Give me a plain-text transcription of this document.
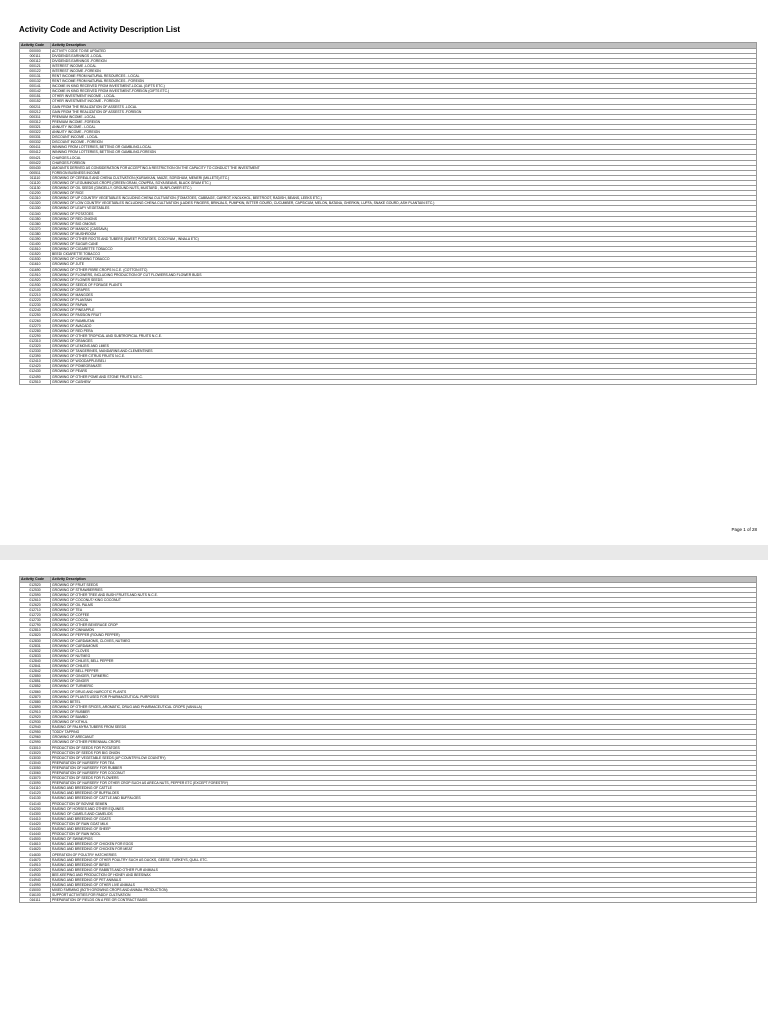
Activity Code and Activity Description List
Activity Code	Activity Description
000000	ACTIVITY CODE TO BE UPDATED
000111	DIVIDENDS EARNINGS -LOCAL
000112	DIVIDENDS EARNINGS -FOREIGN
000121	INTEREST INCOME -LOCAL
000122	INTEREST INCOME -FOREIGN
000131	RENT INCOME FROM NATURAL RESOURCES - LOCAL
000132	RENT INCOME FROM NATURAL RESOURCES - FOREIGN
000141	INCOME IN KIND RECEIVED FROM INVESTMENT-LOCAL (GIFTS ETC.)
000142	INCOME IN KIND RECEIVED FROM INVESTMENT-FOREIGN (GIFTS ETC.)
000151	OTHER INVESTMENT INCOME - LOCAL
000152	OTHER INVESTMENT INCOME - FOREIGN
000211	GAIN FROM THE REALIZATION OF ASSESTS -LOCAL
000212	GAIN FROM THE REALIZATION OF ASSESTS -FOREIGN
000311	PREMIUM INCOME -LOCAL
000312	PREMIUM INCOME -FOREIGN
000321	ANNUITY INCOME - LOCAL
000322	ANNUITY INCOME - FOREIGN
000331	DISCOUNT INCOME - LOCAL
000332	DISCOUNT INCOME - FOREIGN
000411	WINNING FROM LOTTERIES, BETTING OR GAMBLING-LOCAL
000412	WINNING FROM LOTTERIES, BETTING OR GAMBLING-FOREIGN
000421	CHARGES-LOCAL
000422	CHARGES-FOREIGN
000430	AMOUNTS DERIVED AS CONSIDERATION FOR ACCEPTING A RESTRICTION ON THE CAPACITY TO CONDUCT THE INVESTMENT
000511	FOREIGN BUSINESS INCOME
011110	GROWING OF CEREALS AND CHENA CULTIVATION (KURAKKAN, MAIZE, SORGHUM, MENERI (MILLETS) ETC.)
011120	GROWING OF LEGUMINOUS CROPS (GREEN GRAM, COWPEA, SOYA BEANS, BLACK GRAM ETC.)
011130	GROWING OF OIL SEEDS (GINGELLY, GROUND NUTS, MUSTARD , SUNFLOWER ETC.)
011200	GROWING OF RICE
011310	GROWING OF UP COUNTRY VEGETABLES INCLUDING CHENA CULTIVATION (TOMATOES, CABBAGE, CARROT, KNOLKHOL, BEETROOT, RADISH, BEANS, LEEKS ETC.)
011320	GROWING OF LOW COUNTRY VEGETABLES INCLUDING CHENA CULTIVATION (LADIES FINGERS, BRINJALS, PUMPKIN, BITTER GOURD, CUCUMBER, CAPSICUM, MELON, BATANA, GHERKIN, LUFFA, SNAKE GOURD, ASH PLANTAIN ETC.)
011330	GROWING OF LEAFY VEGETABLES
011340	GROWING OF POTATOES
011350	GROWING OF RED ONIONS
011360	GROWING OF BIG ONIONS
011370	GROWING OF MANIOC (CASSAVA)
011380	GROWING OF MUSHROOM
011390	GROWING OF OTHER ROOTS AND TUBERS (SWEET POTATOES, COCOYAM , INNALA ETC)
011400	GROWING OF SUGAR CANE
011510	GROWING OF CIGARETTE TOBACCO
011520	BEEDI CIGARETTE TOBACCO
011530	GROWING OF CHEWING TOBACCO
011610	GROWING OF JUTE
011690	GROWING OF OTHER FIBRE CROPS N.C.E. (COTTON ETC)
011910	GROWING OF FLOWERS, INCLUDING PRODUCTION OF CUT FLOWERS AND FLOWER BUDS
011920	GROWING OF FLOWER SEEDS
011930	GROWING OF SEEDS OF FORAGE PLANTS
012100	GROWING OF GRAPES
012210	GROWING OF MANGOES
012220	GROWING OF PLANTAIN
012230	GROWING OF PAPAW
012240	GROWING OF PINEAPPLE
012250	GROWING OF PASSION FRUIT
012260	GROWING OF RAMBUTAN
012270	GROWING OF AVACADO
012280	GROWING OF RED PERA
012290	GROWING OF OTHER TROPICAL AND SUBTROPICAL FRUITS N.C.E.
012310	GROWING OF ORANGES
012320	GROWING OF LEMONS AND LIMES
012330	GROWING OF TANGERINES, MANDARINS AND CLEMENTINES
012390	GROWING OF OTHER CITRUS FRUITS N.C.E.
012410	GROWING OF WOODAPPLE/BELI
012420	GROWING OF POMEGRANATE
012430	GROWING OF PEARS
012490	GROWING OF OTHER POME AND STONE FRUITS N.E.C.
012510	GROWING OF CASHEW
Page 1 of 28
Activity Code	Activity Description
012520	GROWING OF FRUIT SEEDS
012530	GROWING OF STRAWBERRIES
012590	GROWING OF OTHER TREE AND BUSH FRUITS AND NUTS N.C.E.
012610	GROWING OF COCONUT/ KING COCONUT
012620	GROWING OF OIL PALMS
012710	GROWING OF TEA
012720	GROWING OF COFFEE
012730	GROWING OF COCOA
012790	GROWING OF OTHER BEVERAGE CROP
012810	GROWING OF CINNAMON
012820	GROWING OF PEPPER (ROUND PEPPER)
012830	GROWING OF CARDAMOMS, CLOVES, NUTMEG
012831	GROWING OF CARDAMOMS
012832	GROWING OF CLOVES
012833	GROWING OF NUTMEG
012840	GROWING OF CHILIES, BELL PEPPER
012841	GROWING OF CHILIES
012842	GROWING OF BELL PEPPER
012850	GROWING OF GINGER, TURMERIC
012851	GROWING OF GINGER
012852	GROWING OF TURMERIC
012860	GROWING OF DRUG AND NARCOTIC PLANTS
012870	GROWING OF PLANTS USED FOR PHARMACEUTICAL PURPOSES
012880	GROWING BETEL
012890	GROWING OF OTHER SPICES, AROMATIC, DRUG AND PHARMACEUTICAL CROPS (VANILLA)
012910	GROWING OF RUBBER
012920	GROWING OF BAMBO
012930	GROWING OF KITHUL
012940	RAISING OF PALMYRA TUBERS FROM SEEDS
012950	TODDY TAPPING
012960	GROWING OF ARECANUT
012990	GROWING OF OTHER PERENNIAL CROPS
013010	PRODUCTION OF SEEDS FOR POTATOES
013020	PRODUCTION OF SEEDS FOR BIG ONION
013030	PRODUCTION OF VEGETABLE SEEDS (UP COUNTRY/LOW COUNTRY)
013040	PREPARATION OF NURSERY FOR TEA
013050	PREPARATION OF NURSERY FOR RUBBER
013060	PREPARATION OF NURSERY FOR COCONUT
013070	PRODUCTION OF SEEDS FOR FLOWERS
013090	PREPARATION OF NURSERY FOR OTHER CROP SUCH AS ARECA NUTS, PEPPER ETC (EXCEPT FORESTRY)
014110	RAISING AND BREEDING OF CATTLE
014120	RAISING AND BREEDING OF BUFFALOES
014130	RAISING AND BREEDING OF CATTLE AND BUFFALOES
014140	PRODUCTION OF BOVINE SEMEN
014200	RAISING OF HORSES AND OTHER EQUINES
014300	RAISING OF CAMELS AND CAMELIDS
014410	RAISING AND BREEDING OF GOATS
014420	PRODUCTION OF RAW GOAT MILK
014430	RAISING AND BREEDING OF SHEEP
014440	PRODUCTION OF RAW WOOL
014500	RAISING OF SWINE/PIGS
014610	RAISING AND BREEDING OF CHICKEN FOR EGGS
014620	RAISING AND BREEDING OF CHICKEN FOR MEAT
014630	OPERATION OF POULTRY HATCHERIES
014670	RAISING AND BREEDING OF OTHER POULTRY SUCH AS DUCKS, GEESE, TURKEYS, QUILL ETC.
014910	RAISING AND BREEDING OF BIRDS
014920	RAISING AND BREEDING OF RABBITS AND OTHER FUR ANIMALS
014930	BEE-KEEPING AND PRODUCTION OF HONEY AND BEESWAX
014940	RAISING AND BREEDING OF PET ANIMALS
014990	RAISING AND BREEDING OF OTHER LIVE ANIMALS
015000	MIXED FARMING (BOTH GROWING CROPS AND ANIMAL PRODUCTION)
016100	SUPPORT ACTIVITIES FOR PADDY CULTIVATION
016111	PREPARATION OF FIELDS ON A FEE OR CONTRACT BASIS
